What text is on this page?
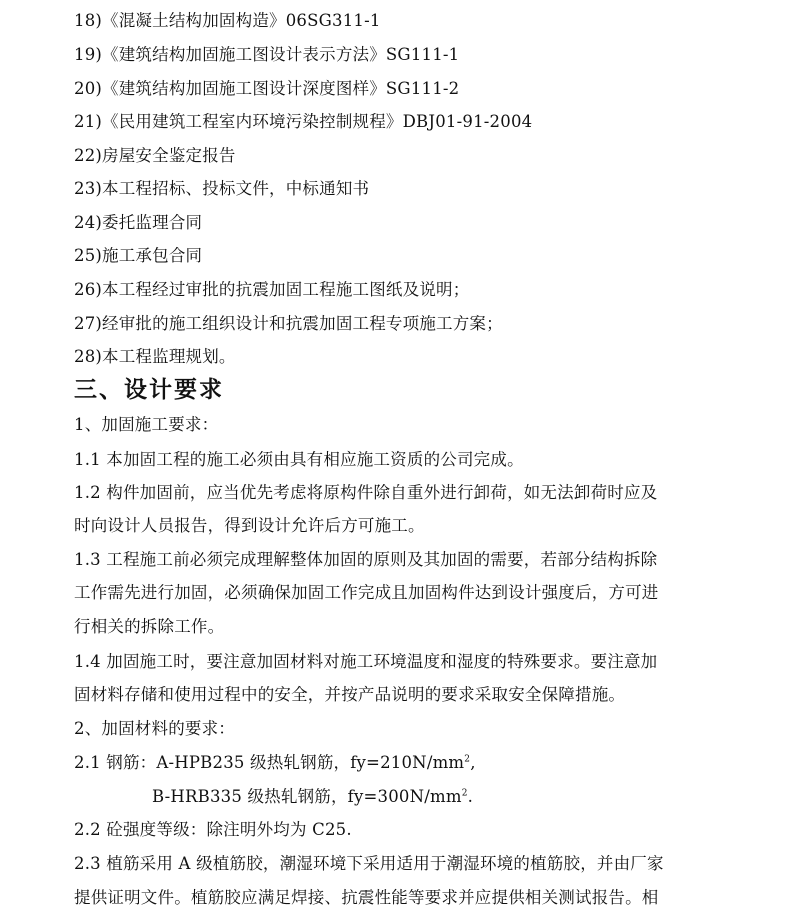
18)《混凝土结构加固构造》06SG311-1
19)《建筑结构加固施工图设计表示方法》SG111-1
20)《建筑结构加固施工图设计深度图样》SG111-2
21)《民用建筑工程室内环境污染控制规程》DBJ01-91-2004
22)房屋安全鉴定报告
23)本工程招标、投标文件，中标通知书
24)委托监理合同
25)施工承包合同
26)本工程经过审批的抗震加固工程施工图纸及说明；
27)经审批的施工组织设计和抗震加固工程专项施工方案；
28)本工程监理规划。
三、设计要求
1、加固施工要求：
1.1 本加固工程的施工必须由具有相应施工资质的公司完成。
1.2 构件加固前，应当优先考虑将原构件除自重外进行卸荷，如无法卸荷时应及
时向设计人员报告，得到设计允许后方可施工。
1.3 工程施工前必须完成理解整体加固的原则及其加固的需要，若部分结构拆除
工作需先进行加固，必须确保加固工作完成且加固构件达到设计强度后，方可进
行相关的拆除工作。
1.4 加固施工时，要注意加固材料对施工环境温度和湿度的特殊要求。要注意加
固材料存储和使用过程中的安全，并按产品说明的要求采取安全保障措施。
2、加固材料的要求：
2.1 钢筋：A-HPB235 级热轧钢筋，$fy=210N/mm^2$,
B-HRB335 级热轧钢筋，$fy=300N/mm^2$.
2.2 砼强度等级：除注明外均为 C25.
2.3 植筋采用 A 级植筋胶，潮湿环境下采用适用于潮湿环境的植筋胶，并由厂家
提供证明文件。植筋胶应满足焊接、抗震性能等要求并应提供相关测试报告。相
